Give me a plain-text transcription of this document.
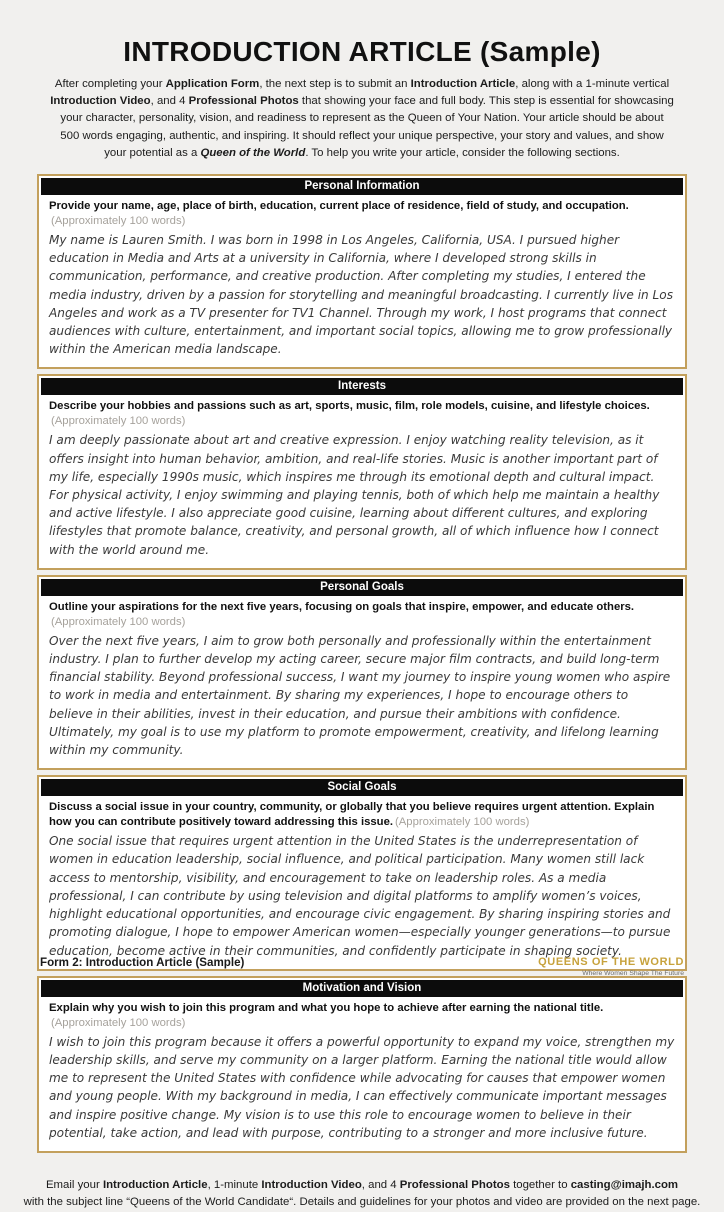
INTRODUCTION ARTICLE (Sample)

After completing your Application Form, the next step is to submit an Introduction Article, along with a 1-minute vertical Introduction Video, and 4 Professional Photos that showing your face and full body. This step is essential for showcasing your character, personality, vision, and readiness to represent as the Queen of Your Nation. Your article should be about 500 words engaging, authentic, and inspiring. It should reflect your unique perspective, your story and values, and show your potential as a Queen of the World. To help you write your article, consider the following sections.

Personal Information

Provide your name, age, place of birth, education, current place of residence, field of study, and occupation.(Approximately 100 words)

My name is Lauren Smith. I was born in 1998 in Los Angeles, California, USA. I pursued higher education in Media and Arts at a university in California, where I developed strong skills in communication, performance, and creative production. After completing my studies, I entered the media industry, driven by a passion for storytelling and meaningful broadcasting. I currently live in Los Angeles and work as a TV presenter for TV1 Channel. Through my work, I host programs that connect audiences with culture, entertainment, and important social topics, allowing me to grow professionally within the American media landscape.

Interests

Describe your hobbies and passions such as art, sports, music, film, role models, cuisine, and lifestyle choices.(Approximately 100 words)

I am deeply passionate about art and creative expression. I enjoy watching reality television, as it offers insight into human behavior, ambition, and real-life stories. Music is another important part of my life, especially 1990s music, which inspires me through its emotional depth and cultural impact. For physical activity, I enjoy swimming and playing tennis, both of which help me maintain a healthy and active lifestyle. I also appreciate good cuisine, learning about different cultures, and exploring lifestyles that promote balance, creativity, and personal growth, all of which influence how I connect with the world around me.

Personal Goals

Outline your aspirations for the next five years, focusing on goals that inspire, empower, and educate others.(Approximately 100 words)

Over the next five years, I aim to grow both personally and professionally within the entertainment industry. I plan to further develop my acting career, secure major film contracts, and build long-term financial stability. Beyond professional success, I want my journey to inspire young women who aspire to work in media and entertainment. By sharing my experiences, I hope to encourage others to believe in their abilities, invest in their education, and pursue their ambitions with confidence. Ultimately, my goal is to use my platform to promote empowerment, creativity, and lifelong learning within my community.

Social Goals

Discuss a social issue in your country, community, or globally that you believe requires urgent attention. Explain how you can contribute positively toward addressing this issue. (Approximately 100 words)

One social issue that requires urgent attention in the United States is the underrepresentation of women in education leadership, social influence, and political participation. Many women still lack access to mentorship, visibility, and encouragement to take on leadership roles. As a media professional, I can contribute by using television and digital platforms to amplify women’s voices, highlight educational opportunities, and encourage civic engagement. By sharing inspiring stories and promoting dialogue, I hope to empower American women—especially younger generations—to pursue education, become active in their communities, and confidently participate in shaping society.

Motivation and Vision

Explain why you wish to join this program and what you hope to achieve after earning the national title.(Approximately 100 words)

I wish to join this program because it offers a powerful opportunity to expand my voice, strengthen my leadership skills, and serve my community on a larger platform. Earning the national title would allow me to represent the United States with confidence while advocating for causes that empower women and young people. With my background in media, I can effectively communicate important messages and inspire positive change. My vision is to use this role to encourage women to believe in their potential, take action, and lead with purpose, contributing to a stronger and more inclusive future.

Email your Introduction Article, 1-minute Introduction Video, and 4 Professional Photos together to casting@imajh.com
with the subject line “Queens of the World Candidate“. Details and guidelines for your photos and video are provided on the next page.
Form 2: Introduction Article (Sample)	QUEENS OF THE WORLD
Where Women Shape The Future
